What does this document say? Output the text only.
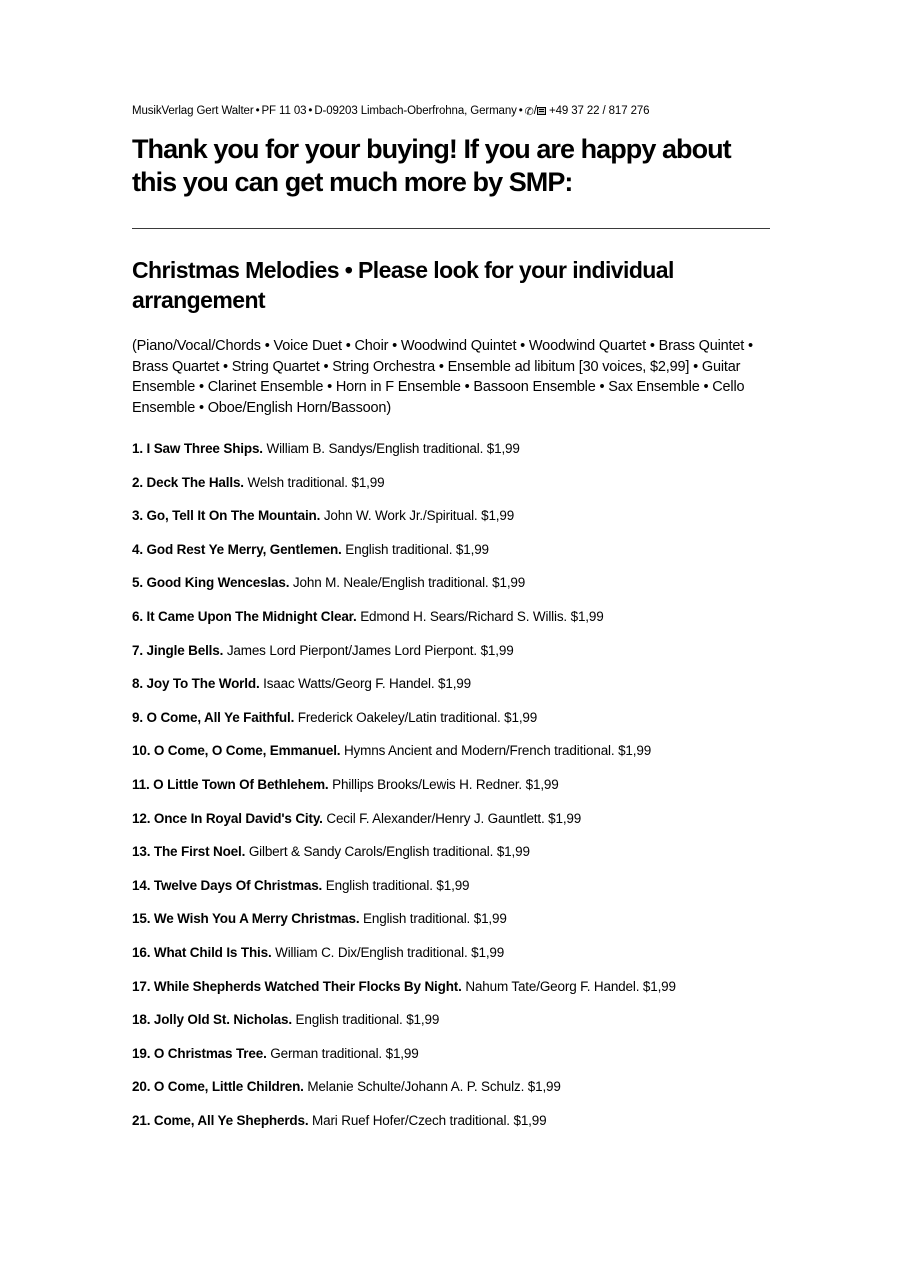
MusikVerlag Gert Walter • PF 11 03 • D-09203 Limbach-Oberfrohna, Germany • ✆/ +49 37 22 / 817 276

Thank you for your buying! If you are happy about this you can get much more by SMP:
Christmas Melodies • Please look for your individual arrangement

(Piano/Vocal/Chords • Voice Duet • Choir • Woodwind Quintet • Woodwind Quartet • Brass Quintet • Brass Quartet • String Quartet • String Orchestra • Ensemble ad libitum [30 voices, $2,99] • Guitar Ensemble • Clarinet Ensemble • Horn in F Ensemble • Bassoon Ensemble • Sax Ensemble • Cello Ensemble • Oboe/English Horn/Bassoon)

1. I Saw Three Ships. William B. Sandys/English traditional. $1,99
2. Deck The Halls. Welsh traditional. $1,99
3. Go, Tell It On The Mountain. John W. Work Jr./Spiritual. $1,99
4. God Rest Ye Merry, Gentlemen. English traditional. $1,99
5. Good King Wenceslas. John M. Neale/English traditional. $1,99
6. It Came Upon The Midnight Clear. Edmond H. Sears/Richard S. Willis. $1,99
7. Jingle Bells. James Lord Pierpont/James Lord Pierpont. $1,99
8. Joy To The World. Isaac Watts/Georg F. Handel. $1,99
9. O Come, All Ye Faithful. Frederick Oakeley/Latin traditional. $1,99
10. O Come, O Come, Emmanuel. Hymns Ancient and Modern/French traditional. $1,99
11. O Little Town Of Bethlehem. Phillips Brooks/Lewis H. Redner. $1,99
12. Once In Royal David's City. Cecil F. Alexander/Henry J. Gauntlett. $1,99
13. The First Noel. Gilbert & Sandy Carols/English traditional. $1,99
14. Twelve Days Of Christmas. English traditional. $1,99
15. We Wish You A Merry Christmas. English traditional. $1,99
16. What Child Is This. William C. Dix/English traditional. $1,99
17. While Shepherds Watched Their Flocks By Night. Nahum Tate/Georg F. Handel. $1,99
18. Jolly Old St. Nicholas. English traditional. $1,99
19. O Christmas Tree. German traditional. $1,99
20. O Come, Little Children. Melanie Schulte/Johann A. P. Schulz. $1,99
21. Come, All Ye Shepherds. Mari Ruef Hofer/Czech traditional. $1,99
